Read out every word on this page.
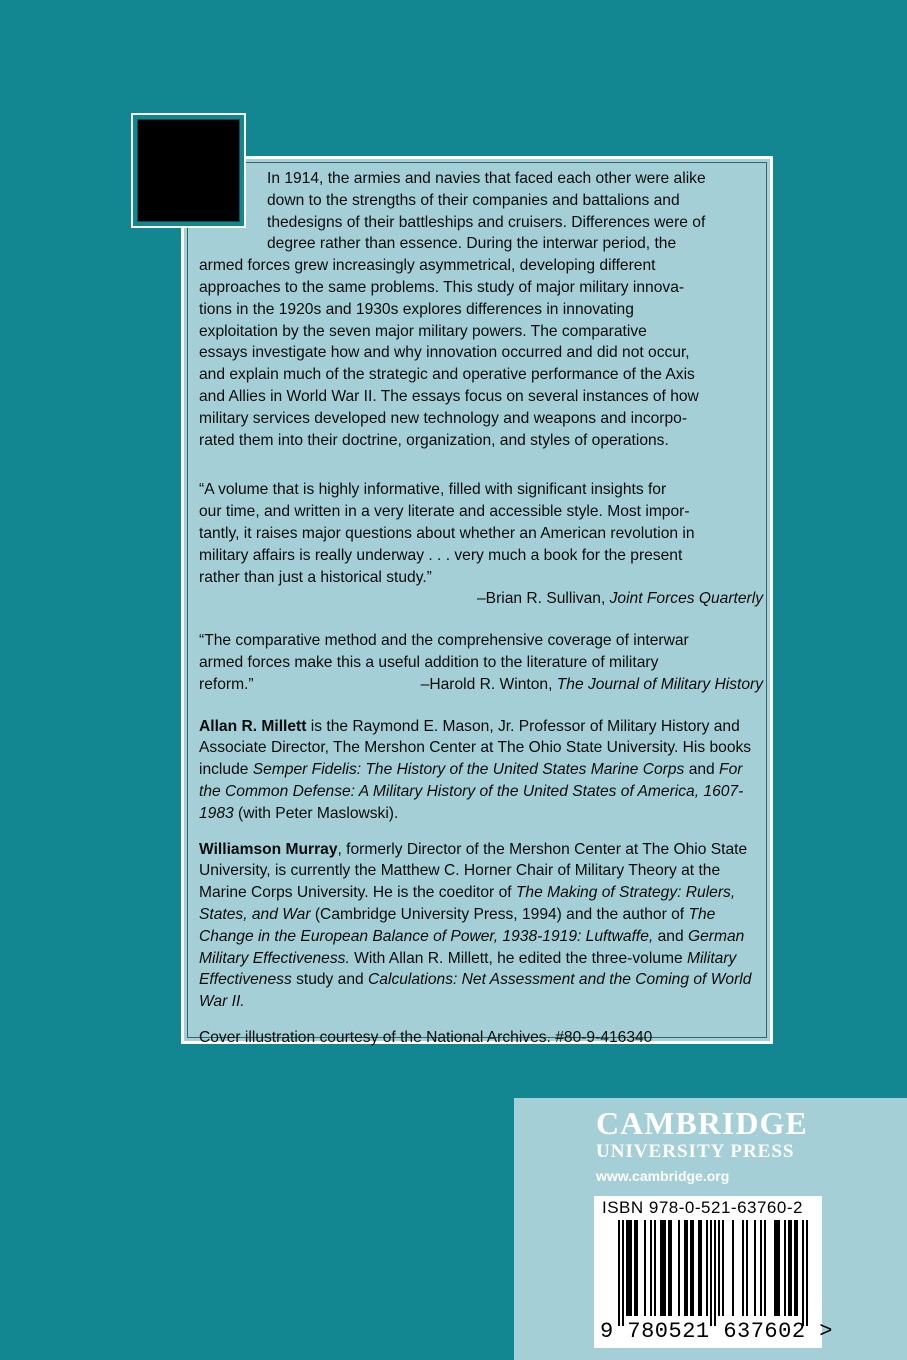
In 1914, the armies and navies that faced each other were alike
down to the strengths of their companies and battalions and
thedesigns of their battleships and cruisers. Differences were of
degree rather than essence. During the interwar period, the
armed forces grew increasingly asymmetrical, developing different
approaches to the same problems. This study of major military innova-
tions in the 1920s and 1930s explores differences in innovating
exploitation by the seven major military powers. The comparative
essays investigate how and why innovation occurred and did not occur,
and explain much of the strategic and operative performance of the Axis
and Allies in World War II. The essays focus on several instances of how
military services developed new technology and weapons and incorpo-
rated them into their doctrine, organization, and styles of operations.
“A volume that is highly informative, filled with significant insights for
our time, and written in a very literate and accessible style. Most impor-
tantly, it raises major questions about whether an American revolution in
military affairs is really underway . . . very much a book for the present
rather than just a historical study.”
–Brian R. Sullivan, Joint Forces Quarterly
“The comparative method and the comprehensive coverage of interwar
armed forces make this a useful addition to the literature of military
reform.”	–Harold R. Winton, The Journal of Military History

Allan R. Millett is the Raymond E. Mason, Jr. Professor of Military History and Associate Director, The Mershon Center at The Ohio State University. His books include Semper Fidelis: The History of the United States Marine Corps and For the Common Defense: A Military History of the United States of America, 1607-1983 (with Peter Maslowski).

Williamson Murray, formerly Director of the Mershon Center at The Ohio State University, is currently the Matthew C. Horner Chair of Military Theory at the Marine Corps University. He is the coeditor of The Making of Strategy: Rulers, States, and War (Cambridge University Press, 1994) and the author of The Change in the European Balance of Power, 1938-1919: Luftwaffe, and German Military Effectiveness. With Allan R. Millett, he edited the three-volume Military Effectiveness study and Calculations: Net Assessment and the Coming of World War II.

Cover illustration courtesy of the National Archives. #80-9-416340

CAMBRIDGE
UNIVERSITY PRESS
www.cambridge.org
ISBN 978-0-521-63760-2
9 780521 637602 >
